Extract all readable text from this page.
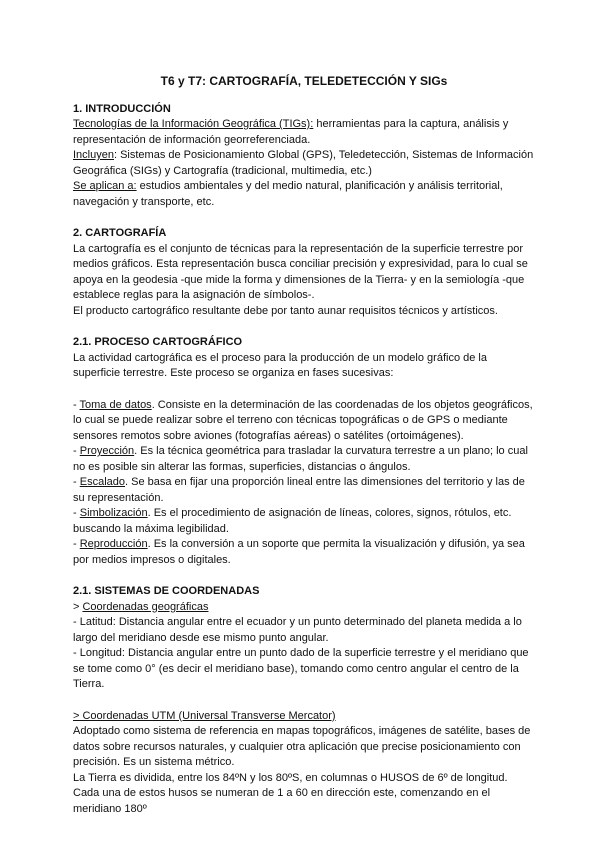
T6 y T7: CARTOGRAFÍA, TELEDETECCIÓN Y SIGs

1. INTRODUCCIÓN

Tecnologías de la Información Geográfica (TIGs): herramientas para la captura, análisis y representación de información georreferenciada.

Incluyen: Sistemas de Posicionamiento Global (GPS), Teledetección, Sistemas de Información Geográfica (SIGs) y Cartografía (tradicional, multimedia, etc.)

Se aplican a: estudios ambientales y del medio natural, planificación y análisis territorial, navegación y transporte, etc.

2. CARTOGRAFÍA

La cartografía es el conjunto de técnicas para la representación de la superficie terrestre por medios gráficos. Esta representación busca conciliar precisión y expresividad, para lo cual se apoya en la geodesia -que mide la forma y dimensiones de la Tierra- y en la semiología -que establece reglas para la asignación de símbolos-.

El producto cartográfico resultante debe por tanto aunar requisitos técnicos y artísticos.

2.1. PROCESO CARTOGRÁFICO

La actividad cartográfica es el proceso para la producción de un modelo gráfico de la superficie terrestre. Este proceso se organiza en fases sucesivas:

- Toma de datos. Consiste en la determinación de las coordenadas de los objetos geográficos, lo cual se puede realizar sobre el terreno con técnicas topográficas o de GPS o mediante sensores remotos sobre aviones (fotografías aéreas) o satélites (ortoimágenes).

- Proyección. Es la técnica geométrica para trasladar la curvatura terrestre a un plano; lo cual no es posible sin alterar las formas, superficies, distancias o ángulos.

- Escalado. Se basa en fijar una proporción lineal entre las dimensiones del territorio y las de su representación.

- Simbolización. Es el procedimiento de asignación de líneas, colores, signos, rótulos, etc. buscando la máxima legibilidad.

- Reproducción. Es la conversión a un soporte que permita la visualización y difusión, ya sea por medios impresos o digitales.

2.1. SISTEMAS DE COORDENADAS

> Coordenadas geográficas

- Latitud: Distancia angular entre el ecuador y un punto determinado del planeta medida a lo largo del meridiano desde ese mismo punto angular.

- Longitud: Distancia angular entre un punto dado de la superficie terrestre y el meridiano que se tome como 0° (es decir el meridiano base), tomando como centro angular el centro de la Tierra.

> Coordenadas UTM (Universal Transverse Mercator)

Adoptado como sistema de referencia en mapas topográficos, imágenes de satélite, bases de datos sobre recursos naturales, y cualquier otra aplicación que precise posicionamiento con precisión. Es un sistema métrico.

La Tierra es dividida, entre los 84ºN y los 80ºS, en columnas o HUSOS de 6º de longitud. Cada una de estos husos se numeran de 1 a 60 en dirección este, comenzando en el meridiano 180º
